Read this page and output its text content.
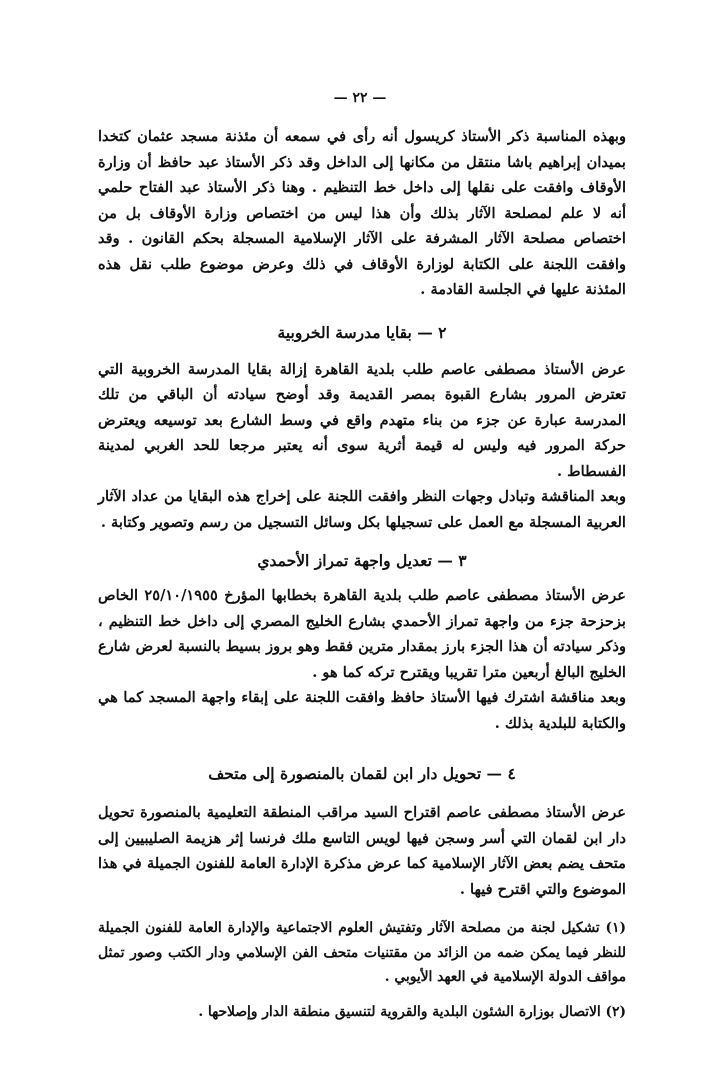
— ٢٢ —

وبهذه المناسبة ذكر الأستاذ كريسول أنه رأى في سمعه أن مئذنة مسجد عثمان كتخدا بميدان إبراهيم باشا منتقل من مكانها إلى الداخل وقد ذكر الأستاذ عبد حافظ أن وزارة الأوقاف وافقت على نقلها إلى داخل خط التنظيم . وهنا ذكر الأستاذ عبد الفتاح حلمي أنه لا علم لمصلحة الآثار بذلك وأن هذا ليس من اختصاص وزارة الأوقاف بل من اختصاص مصلحة الآثار المشرفة على الآثار الإسلامية المسجلة بحكم القانون . وقد وافقت اللجنة على الكتابة لوزارة الأوقاف في ذلك وعرض موضوع طلب نقل هذه المئذنة عليها في الجلسة القادمة .

٢ — بقايا مدرسة الخروبية

عرض الأستاذ مصطفى عاصم طلب بلدية القاهرة إزالة بقايا المدرسة الخروبية التي تعترض المرور بشارع القبوة بمصر القديمة وقد أوضح سيادته أن الباقي من تلك المدرسة عبارة عن جزء من بناء متهدم واقع في وسط الشارع بعد توسيعه ويعترض حركة المرور فيه وليس له قيمة أثرية سوى أنه يعتبر مرجعا للحد الغربي لمدينة الفسطاط .

وبعد المناقشة وتبادل وجهات النظر وافقت اللجنة على إخراج هذه البقايا من عداد الآثار العربية المسجلة مع العمل على تسجيلها بكل وسائل التسجيل من رسم وتصوير وكتابة .

٣ — تعديل واجهة تمراز الأحمدي

عرض الأستاذ مصطفى عاصم طلب بلدية القاهرة بخطابها المؤرخ ٢٥/١٠/١٩٥٥ الخاص بزحزحة جزء من واجهة تمراز الأحمدي بشارع الخليج المصري إلى داخل خط التنظيم ، وذكر سيادته أن هذا الجزء بارز بمقدار مترين فقط وهو بروز بسيط بالنسبة لعرض شارع الخليج البالغ أربعين مترا تقريبا ويقترح تركه كما هو .

وبعد مناقشة اشترك فيها الأستاذ حافظ وافقت اللجنة على إبقاء واجهة المسجد كما هي والكتابة للبلدية بذلك .

٤ — تحويل دار ابن لقمان بالمنصورة إلى متحف

عرض الأستاذ مصطفى عاصم اقتراح السيد مراقب المنطقة التعليمية بالمنصورة تحويل دار ابن لقمان التي أسر وسجن فيها لويس التاسع ملك فرنسا إثر هزيمة الصليبيين إلى متحف يضم بعض الآثار الإسلامية كما عرض مذكرة الإدارة العامة للفنون الجميلة في هذا الموضوع والتي اقترح فيها .

(١) تشكيل لجنة من مصلحة الآثار وتفتيش العلوم الاجتماعية والإدارة العامة للفنون الجميلة للنظر فيما يمكن ضمه من الزائد من مقتنيات متحف الفن الإسلامي ودار الكتب وصور تمثل مواقف الدولة الإسلامية في العهد الأيوبي .

(٢) الاتصال بوزارة الشئون البلدية والقروية لتنسيق منطقة الدار وإصلاحها .
